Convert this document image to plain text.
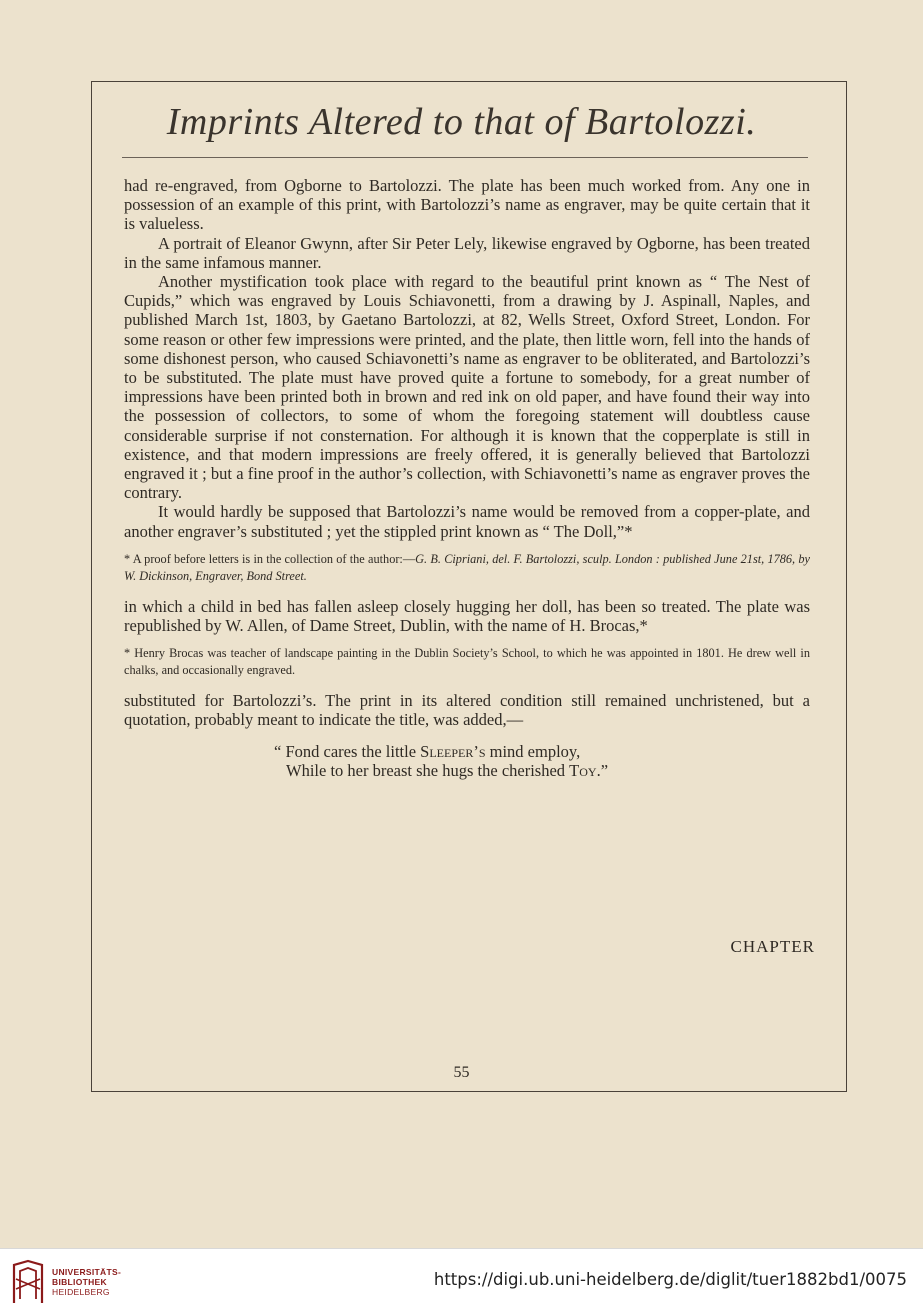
Imprints Altered to that of Bartolozzi.

had re-engraved, from Ogborne to Bartolozzi. The plate has been much worked from. Any one in possession of an example of this print, with Bartolozzi’s name as engraver, may be quite certain that it is valueless.

A portrait of Eleanor Gwynn, after Sir Peter Lely, likewise engraved by Ogborne, has been treated in the same infamous manner.

Another mystification took place with regard to the beautiful print known as “ The Nest of Cupids,” which was engraved by Louis Schiavonetti, from a drawing by J. Aspinall, Naples, and published March 1st, 1803, by Gaetano Bartolozzi, at 82, Wells Street, Oxford Street, London. For some reason or other few impressions were printed, and the plate, then little worn, fell into the hands of some dishonest person, who caused Schiavonetti’s name as engraver to be obliterated, and Bartolozzi’s to be substituted. The plate must have proved quite a fortune to somebody, for a great number of impressions have been printed both in brown and red ink on old paper, and have found their way into the possession of collectors, to some of whom the foregoing statement will doubtless cause considerable surprise if not consternation. For although it is known that the copperplate is still in existence, and that modern impressions are freely offered, it is generally believed that Bartolozzi engraved it ; but a fine proof in the author’s collection, with Schiavonetti’s name as engraver proves the contrary.

It would hardly be supposed that Bartolozzi’s name would be removed from a copper-plate, and another engraver’s substituted ; yet the stippled print known as “ The Doll,”*

* A proof before letters is in the collection of the author:—G. B. Cipriani, del. F. Bartolozzi, sculp. London : published June 21st, 1786, by W. Dickinson, Engraver, Bond Street.

in which a child in bed has fallen asleep closely hugging her doll, has been so treated. The plate was republished by W. Allen, of Dame Street, Dublin, with the name of H. Brocas,*

* Henry Brocas was teacher of landscape painting in the Dublin Society’s School, to which he was appointed in 1801. He drew well in chalks, and occasionally engraved.

substituted for Bartolozzi’s. The print in its altered condition still remained unchristened, but a quotation, probably meant to indicate the title, was added,—

“ Fond cares the little Sleeper’s mind employ,
While to her breast she hugs the cherished Toy.”
CHAPTER
55
UNIVERSITÄTS-
BIBLIOTHEK
HEIDELBERG
https://digi.ub.uni-heidelberg.de/diglit/tuer1882bd1/0075
